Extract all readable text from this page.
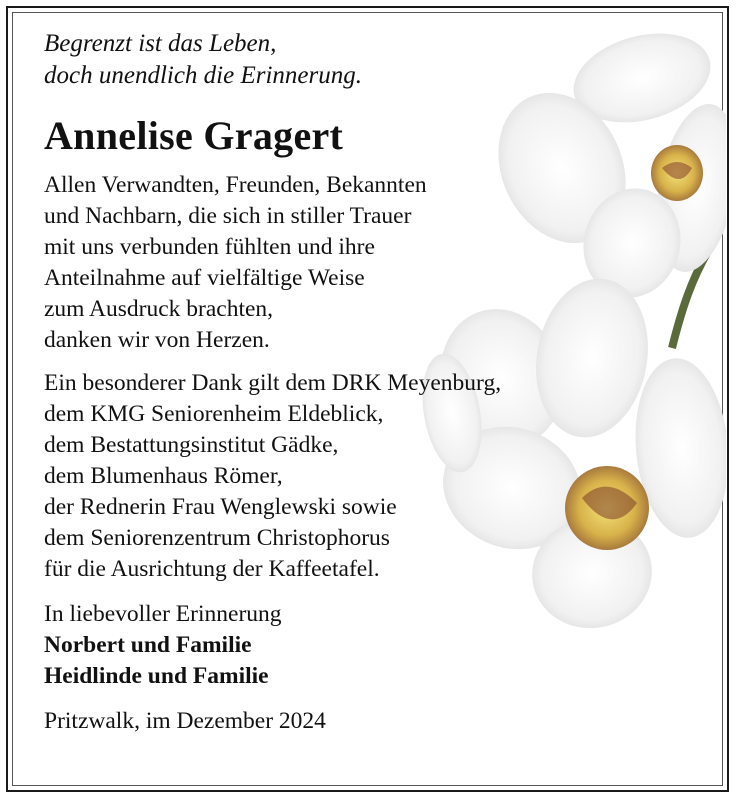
Begrenzt ist das Leben,
doch unendlich die Erinnerung.

Annelise Gragert

Allen Verwandten, Freunden, Bekannten
und Nachbarn, die sich in stiller Trauer
mit uns verbunden fühlten und ihre
Anteilnahme auf vielfältige Weise
zum Ausdruck brachten,
danken wir von Herzen.

Ein besonderer Dank gilt dem DRK Meyenburg,
dem KMG Seniorenheim Eldeblick,
dem Bestattungsinstitut Gädke,
dem Blumenhaus Römer,
der Rednerin Frau Wenglewski sowie
dem Seniorenzentrum Christophorus
für die Ausrichtung der Kaffeetafel.

In liebevoller Erinnerung
Norbert und Familie
Heidlinde und Familie

Pritzwalk, im Dezember 2024
